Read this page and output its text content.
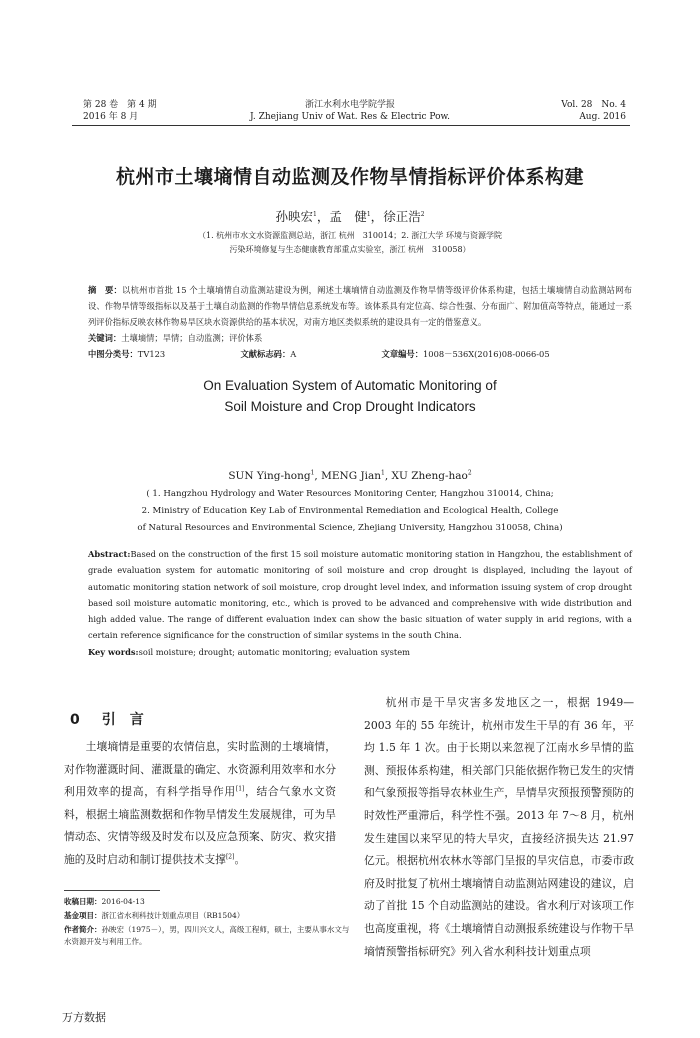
第 28 卷　第 4 期
2016 年 8 月
浙江水利水电学院学报
J. Zhejiang Univ of Wat. Res & Electric Pow.
Vol. 28　No. 4
Aug. 2016
杭州市土壤墒情自动监测及作物旱情指标评价体系构建
孙映宏$^1$，孟　健$^1$，徐正浩$^2$
（1. 杭州市水文水资源监测总站，浙江 杭州　310014；2. 浙江大学 环境与资源学院
污染环境修复与生态健康教育部重点实验室，浙江 杭州　310058）
摘　要：以杭州市首批 15 个土壤墒情自动监测站建设为例，阐述土壤墒情自动监测及作物旱情等级评价体系构建，包括土壤墒情自动监测站网布设、作物旱情等级指标以及基于土壤自动监测的作物旱情信息系统发布等。该体系具有定位高、综合性强、分布面广、附加值高等特点，能通过一系列评价指标反映农林作物易旱区块水资源供给的基本状况，对南方地区类似系统的建设具有一定的借鉴意义。
关键词：土壤墒情；旱情；自动监测；评价体系
中图分类号：TV123	文献标志码：A	文章编号：1008－536X(2016)08-0066-05
On Evaluation System of Automatic Monitoring of
Soil Moisture and Crop Drought Indicators
SUN Ying-hong$^1$, MENG Jian$^1$, XU Zheng-hao$^2$
( 1. Hangzhou Hydrology and Water Resources Monitoring Center, Hangzhou 310014, China;
2. Ministry of Education Key Lab of Environmental Remediation and Ecological Health, College
of Natural Resources and Environmental Science, Zhejiang University, Hangzhou 310058, China)
Abstract:Based on the construction of the first 15 soil moisture automatic monitoring station in Hangzhou, the establishment of grade evaluation system for automatic monitoring of soil moisture and crop drought is displayed, including the layout of automatic monitoring station network of soil moisture, crop drought level index, and information issuing system of crop drought based soil moisture automatic monitoring, etc., which is proved to be advanced and comprehensive with wide distribution and high added value. The range of different evaluation index can show the basic situation of water supply in arid regions, with a certain reference significance for the construction of similar systems in the south China.
Key words:soil moisture; drought; automatic monitoring; evaluation system
0 引　言
土壤墒情是重要的农情信息，实时监测的土壤墒情，对作物灌溉时间、灌溉量的确定、水资源利用效率和水分利用效率的提高，有科学指导作用[1]，结合气象水文资料，根据土墒监测数据和作物旱情发生发展规律，可为旱情动态、灾情等级及时发布以及应急预案、防灾、救灾措施的及时启动和制订提供技术支撑[2]。
杭州市是干旱灾害多发地区之一，根据 1949—2003 年的 55 年统计，杭州市发生干旱的有 36 年，平均 1.5 年 1 次。由于长期以来忽视了江南水乡旱情的监测、预报体系构建，相关部门只能依据作物已发生的灾情和气象预报等指导农林业生产，旱情旱灾预报预警预防的时效性严重滞后，科学性不强。2013 年 7～8 月，杭州发生建国以来罕见的特大旱灾，直接经济损失达 21.97 亿元。根据杭州农林水等部门呈报的旱灾信息，市委市政府及时批复了杭州土壤墒情自动监测站网建设的建议，启动了首批 15 个自动监测站的建设。省水利厅对该项工作也高度重视，将《土壤墒情自动测报系统建设与作物干旱墒情预警指标研究》列入省水利科技计划重点项
收稿日期：2016-04-13
基金项目：浙江省水利科技计划重点项目（RB1504）
作者简介：孙映宏（1975－），男，四川兴文人，高级工程师，硕士，主要从事水文与水资源开发与利用工作。
万方数据
